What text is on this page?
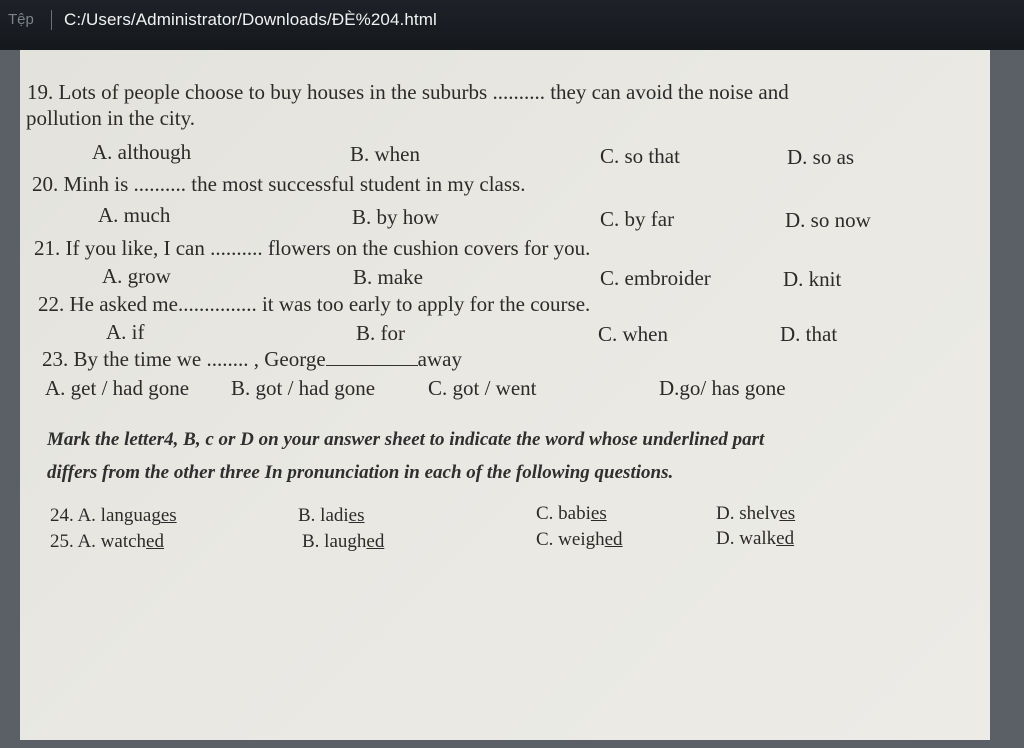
Tệp C:/Users/Administrator/Downloads/ĐÈ%204.html
19. Lots of people choose to buy houses in the suburbs .......... they can avoid the noise and
pollution in the city.
A. although	B. when	C. so that	D. so as
20. Minh is .......... the most successful student in my class.
A. much	B. by how	C. by far	D. so now
21. If you like, I can .......... flowers on the cushion covers for you.
A. grow	B. make	C. embroider	D. knit
22. He asked me............... it was too early to apply for the course.
A. if	B. for	C. when	D. that
23. By the time we ........ , George	away
A. get / had gone B. got / had gone	C. got / went	D.go/ has gone
Mark the letter4, B, c or D on your answer sheet to indicate the word whose underlined part
differs from the other three In pronunciation in each of the following questions.
24. A. languages	B. ladies	C. babies	D. shelves
25. A. watched	B. laughed	C. weighed	D. walked
